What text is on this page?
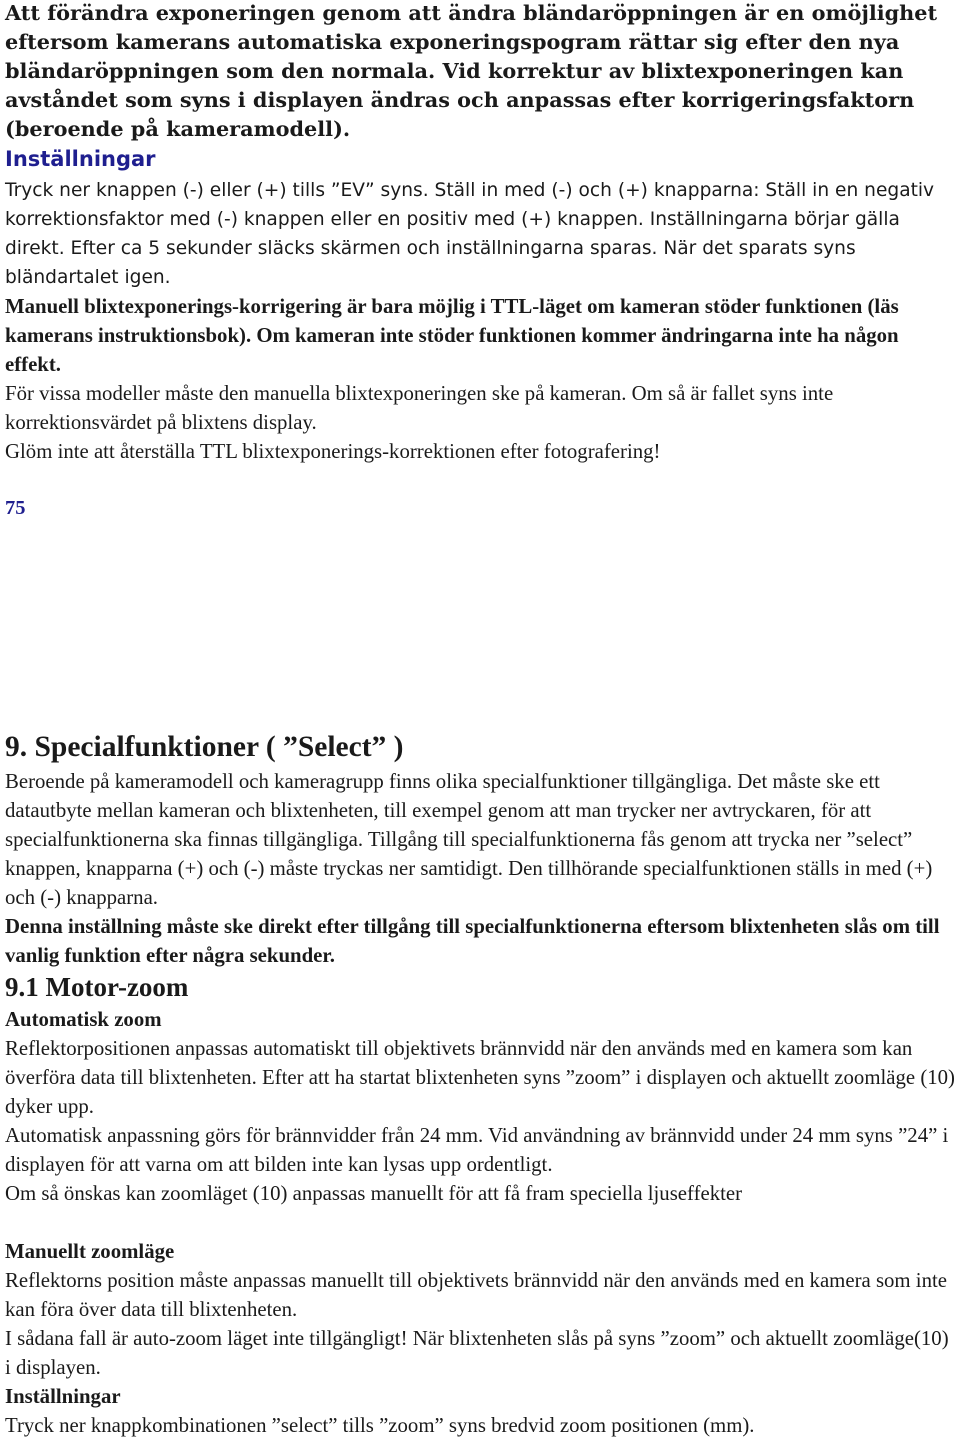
Att förändra exponeringen genom att ändra bländaröppningen är en omöjlighet eftersom kamerans automatiska exponeringspogram rättar sig efter den nya bländaröppningen som den normala. Vid korrektur av blixtexponeringen kan avståndet som syns i displayen ändras och anpassas efter korrigeringsfaktorn (beroende på kameramodell).

Inställningar

Tryck ner knappen (-) eller (+) tills ”EV” syns. Ställ in med (-) och (+) knapparna: Ställ in en negativ korrektionsfaktor med (-) knappen eller en positiv med (+) knappen. Inställningarna börjar gälla direkt. Efter ca 5 sekunder släcks skärmen och inställningarna sparas. När det sparats syns bländartalet igen.

Manuell blixtexponerings-korrigering är bara möjlig i TTL-läget om kameran stöder funktionen (läs kamerans instruktionsbok). Om kameran inte stöder funktionen kommer ändringarna inte ha någon effekt.

För vissa modeller måste den manuella blixtexponeringen ske på kameran. Om så är fallet syns inte korrektionsvärdet på blixtens display.

Glöm inte att återställa TTL blixtexponerings-korrektionen efter fotografering!

75

9. Specialfunktioner ( ”Select” )

Beroende på kameramodell och kameragrupp finns olika specialfunktioner tillgängliga. Det måste ske ett datautbyte mellan kameran och blixtenheten, till exempel genom att man trycker ner avtryckaren, för att specialfunktionerna ska finnas tillgängliga. Tillgång till specialfunktionerna fås genom att trycka ner ”select” knappen, knapparna (+) och (-) måste tryckas ner samtidigt. Den tillhörande specialfunktionen ställs in med (+) och (-) knapparna.

Denna inställning måste ske direkt efter tillgång till specialfunktionerna eftersom blixtenheten slås om till vanlig funktion efter några sekunder.

9.1 Motor-zoom

Automatisk zoom

Reflektorpositionen anpassas automatiskt till objektivets brännvidd när den används med en kamera som kan överföra data till blixtenheten. Efter att ha startat blixtenheten syns ”zoom” i displayen och aktuellt zoomläge (10) dyker upp.

Automatisk anpassning görs för brännvidder från 24 mm. Vid användning av brännvidd under 24 mm syns ”24” i displayen för att varna om att bilden inte kan lysas upp ordentligt.

Om så önskas kan zoomläget (10) anpassas manuellt för att få fram speciella ljuseffekter

Manuellt zoomläge

Reflektorns position måste anpassas manuellt till objektivets brännvidd när den används med en kamera som inte kan föra över data till blixtenheten.

I sådana fall är auto-zoom läget inte tillgängligt! När blixtenheten slås på syns ”zoom” och aktuellt zoomläge(10) i displayen.

Inställningar

Tryck ner knappkombinationen ”select” tills ”zoom” syns bredvid zoom positionen (mm).
